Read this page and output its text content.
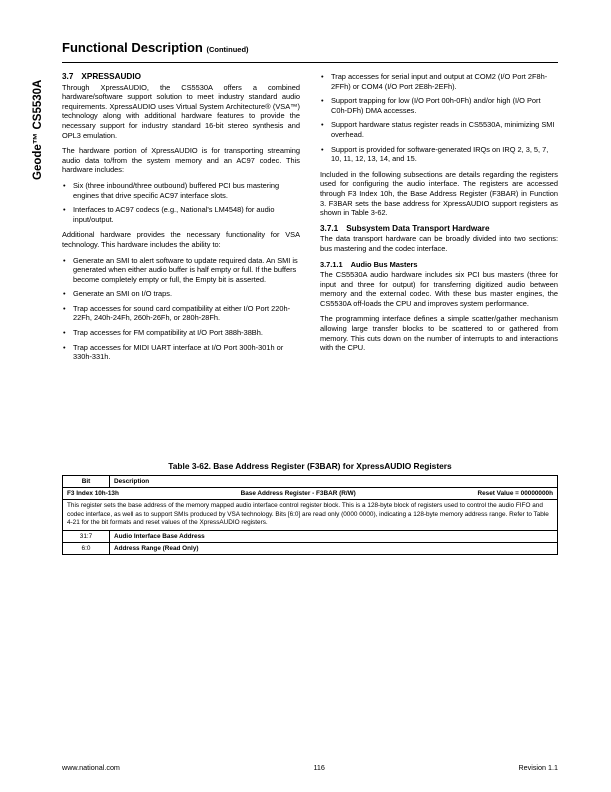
Geode™ CS5530A
Functional Description (Continued)
3.7 XPRESSAUDIO

Through XpressAUDIO, the CS5530A offers a combined hardware/software support solution to meet industry standard audio requirements. XpressAUDIO uses Virtual System Architecture® (VSA™) technology along with additional hardware features to provide the necessary support for industry standard 16-bit stereo synthesis and OPL3 emulation.

The hardware portion of XpressAUDIO is for transporting streaming audio data to/from the system memory and an AC97 codec. This hardware includes:

• Six (three inbound/three outbound) buffered PCI bus mastering engines that drive specific AC97 interface slots.
• Interfaces to AC97 codecs (e.g., National's LM4548) for audio input/output.

Additional hardware provides the necessary functionality for VSA technology. This hardware includes the ability to:

• Generate an SMI to alert software to update required data. An SMI is generated when either audio buffer is half empty or full. If the buffers become completely empty or full, the Empty bit is asserted.
• Generate an SMI on I/O traps.
• Trap accesses for sound card compatibility at either I/O Port 220h-22Fh, 240h-24Fh, 260h-26Fh, or 280h-28Fh.
• Trap accesses for FM compatibility at I/O Port 388h-38Bh.
• Trap accesses for MIDI UART interface at I/O Port 300h-301h or 330h-331h.
• Trap accesses for serial input and output at COM2 (I/O Port 2F8h-2FFh) or COM4 (I/O Port 2E8h-2EFh).
• Support trapping for low (I/O Port 00h-0Fh) and/or high (I/O Port C0h-DFh) DMA accesses.
• Support hardware status register reads in CS5530A, minimizing SMI overhead.
• Support is provided for software-generated IRQs on IRQ 2, 3, 5, 7, 10, 11, 12, 13, 14, and 15.

Included in the following subsections are details regarding the registers used for configuring the audio interface. The registers are accessed through F3 Index 10h, the Base Address Register (F3BAR) in Function 3. F3BAR sets the base address for XpressAUDIO support registers as shown in Table 3-62.

3.7.1 Subsystem Data Transport Hardware

The data transport hardware can be broadly divided into two sections: bus mastering and the codec interface.

3.7.1.1 Audio Bus Masters

The CS5530A audio hardware includes six PCI bus masters (three for input and three for output) for transferring digitized audio between memory and the external codec. With these bus master engines, the CS5530A off-loads the CPU and improves system performance.

The programming interface defines a simple scatter/gather mechanism allowing large transfer blocks to be scattered to or gathered from memory. This cuts down on the number of interrupts to and interactions with the CPU.

Table 3-62. Base Address Register (F3BAR) for XpressAUDIO Registers
Bit	Description

F3 Index 10h-13h Base Address Register - F3BAR (R/W) Reset Value = 00000000h	

This register sets the base address of the memory mapped audio interface control register block. This is a 128-byte block of registers used to control the audio FIFO and codec interface, as well as to support SMIs produced by VSA technology. Bits [6:0] are read only (0000 0000), indicating a 128-byte memory address range. Refer to Table 4-21 for the bit formats and reset values of the XpressAUDIO registers.	
31:7	Audio Interface Base Address
6:0	Address Range (Read Only)
www.national.com	116	Revision 1.1
